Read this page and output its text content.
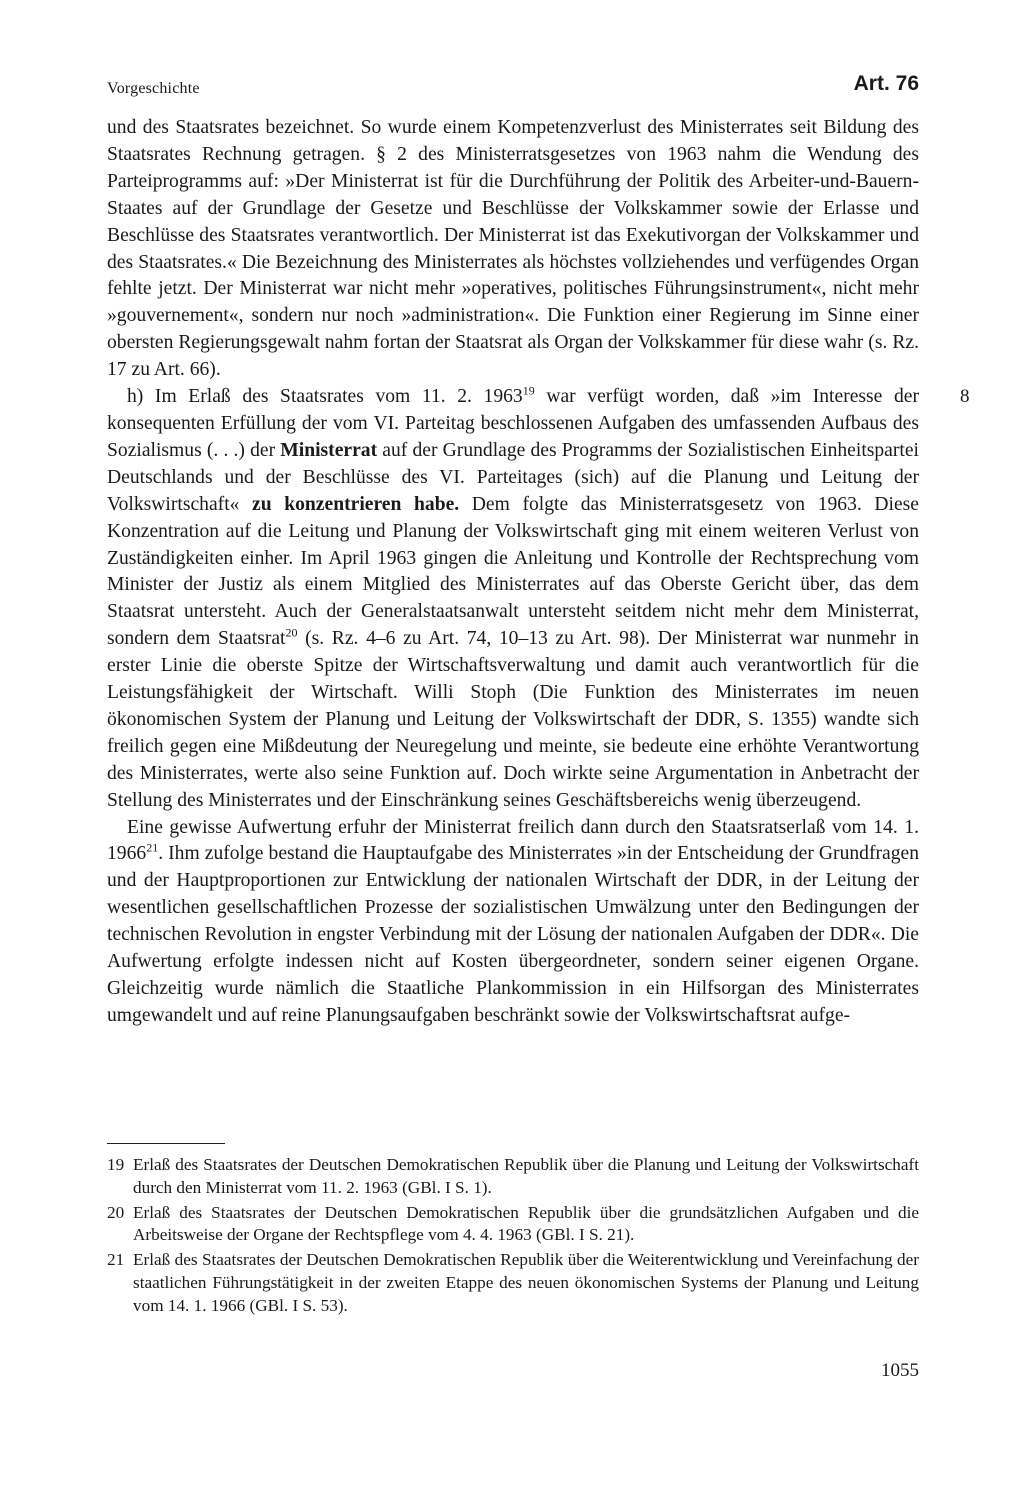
Vorgeschichte	Art. 76

und des Staatsrates bezeichnet. So wurde einem Kompetenzverlust des Ministerrates seit Bildung des Staatsrates Rechnung getragen. § 2 des Ministerratsgesetzes von 1963 nahm die Wendung des Parteiprogramms auf: »Der Ministerrat ist für die Durchführung der Politik des Arbeiter-und-Bauern-Staates auf der Grundlage der Gesetze und Beschlüsse der Volkskammer sowie der Erlasse und Beschlüsse des Staatsrates verantwortlich. Der Ministerrat ist das Exekutivorgan der Volkskammer und des Staatsrates.« Die Bezeichnung des Ministerrates als höchstes vollziehendes und verfügendes Organ fehlte jetzt. Der Ministerrat war nicht mehr »operatives, politisches Führungsinstrument«, nicht mehr »gouvernement«, sondern nur noch »administration«. Die Funktion einer Regierung im Sinne einer obersten Regierungsgewalt nahm fortan der Staatsrat als Organ der Volkskammer für diese wahr (s. Rz. 17 zu Art. 66).

8
h) Im Erlaß des Staatsrates vom 11. 2. 1963$^{19}$ war verfügt worden, daß »im Interesse der konsequenten Erfüllung der vom VI. Parteitag beschlossenen Aufgaben des umfassenden Aufbaus des Sozialismus (. . .) der Ministerrat auf der Grundlage des Programms der Sozialistischen Einheitspartei Deutschlands und der Beschlüsse des VI. Parteitages (sich) auf die Planung und Leitung der Volkswirtschaft« zu konzentrieren habe. Dem folgte das Ministerratsgesetz von 1963. Diese Konzentration auf die Leitung und Planung der Volkswirtschaft ging mit einem weiteren Verlust von Zuständigkeiten einher. Im April 1963 gingen die Anleitung und Kontrolle der Rechtsprechung vom Minister der Justiz als einem Mitglied des Ministerrates auf das Oberste Gericht über, das dem Staatsrat untersteht. Auch der Generalstaatsanwalt untersteht seitdem nicht mehr dem Ministerrat, sondern dem Staatsrat$^{20}$ (s. Rz. 4–6 zu Art. 74, 10–13 zu Art. 98). Der Ministerrat war nunmehr in erster Linie die oberste Spitze der Wirtschaftsverwaltung und damit auch verantwortlich für die Leistungsfähigkeit der Wirtschaft. Willi Stoph (Die Funktion des Ministerrates im neuen ökonomischen System der Planung und Leitung der Volkswirtschaft der DDR, S. 1355) wandte sich freilich gegen eine Mißdeutung der Neuregelung und meinte, sie bedeute eine erhöhte Verantwortung des Ministerrates, werte also seine Funktion auf. Doch wirkte seine Argumentation in Anbetracht der Stellung des Ministerrates und der Einschränkung seines Geschäftsbereichs wenig überzeugend.

Eine gewisse Aufwertung erfuhr der Ministerrat freilich dann durch den Staatsratserlaß vom 14. 1. 1966$^{21}$. Ihm zufolge bestand die Hauptaufgabe des Ministerrates »in der Entscheidung der Grundfragen und der Hauptproportionen zur Entwicklung der nationalen Wirtschaft der DDR, in der Leitung der wesentlichen gesellschaftlichen Prozesse der sozialistischen Umwälzung unter den Bedingungen der technischen Revolution in engster Verbindung mit der Lösung der nationalen Aufgaben der DDR«. Die Aufwertung erfolgte indessen nicht auf Kosten übergeordneter, sondern seiner eigenen Organe. Gleichzeitig wurde nämlich die Staatliche Plankommission in ein Hilfsorgan des Ministerrates umgewandelt und auf reine Planungsaufgaben beschränkt sowie der Volkswirtschaftsrat aufge-

19 Erlaß des Staatsrates der Deutschen Demokratischen Republik über die Planung und Leitung der Volkswirtschaft durch den Ministerrat vom 11. 2. 1963 (GBl. I S. 1).
20 Erlaß des Staatsrates der Deutschen Demokratischen Republik über die grundsätzlichen Aufgaben und die Arbeitsweise der Organe der Rechtspflege vom 4. 4. 1963 (GBl. I S. 21).
21 Erlaß des Staatsrates der Deutschen Demokratischen Republik über die Weiterentwicklung und Vereinfachung der staatlichen Führungstätigkeit in der zweiten Etappe des neuen ökonomischen Systems der Planung und Leitung vom 14. 1. 1966 (GBl. I S. 53).
1055
